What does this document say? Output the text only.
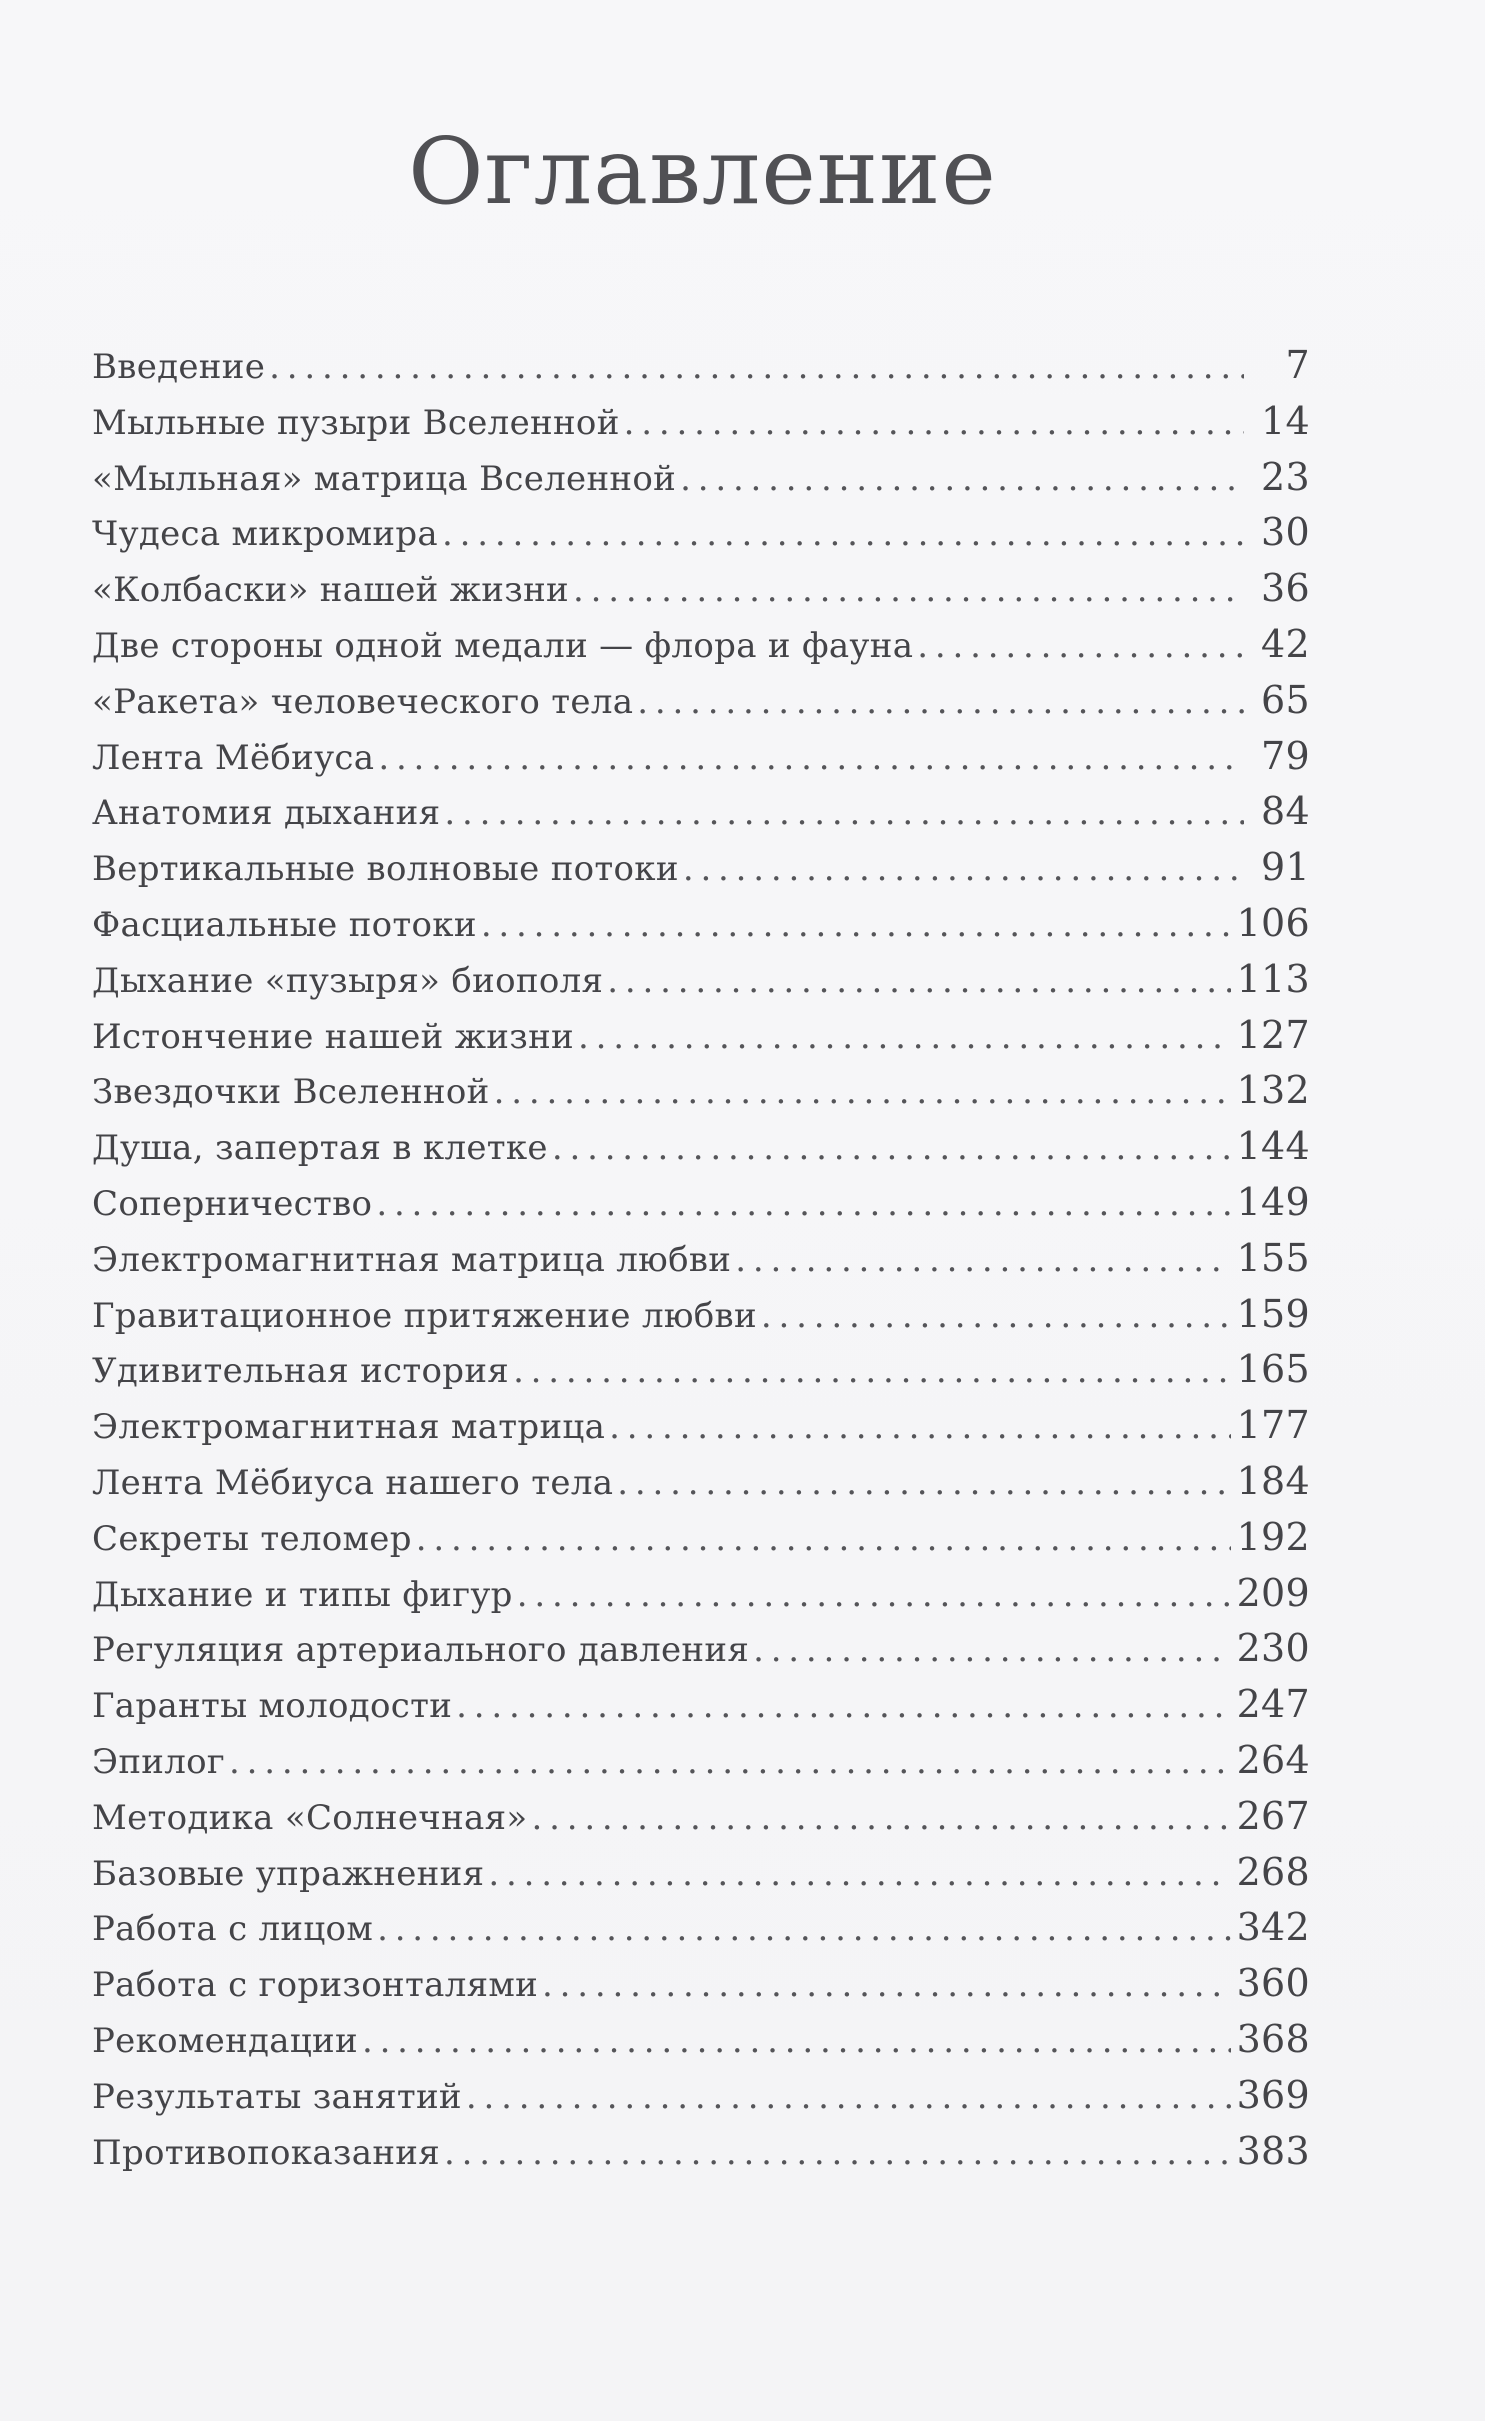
Оглавление
Введение . . .	7
Мыльные пузыри Вселенной . . .	14
«Мыльная» матрица Вселенной . . .	23
Чудеса микромира . . .	30
«Колбаски» нашей жизни . . .	36
Две стороны одной медали — флора и фауна . . .	42
«Ракета» человеческого тела . . .	65
Лента Мёбиуса . . .	79
Анатомия дыхания . . .	84
Вертикальные волновые потоки . . .	91
Фасциальные потоки . . .	106
Дыхание «пузыря» биополя . . .	113
Истончение нашей жизни . . .	127
Звездочки Вселенной . . .	132
Душа, запертая в клетке . . .	144
Соперничество . . .	149
Электромагнитная матрица любви . . .	155
Гравитационное притяжение любви . . .	159
Удивительная история . . .	165
Электромагнитная матрица . . .	177
Лента Мёбиуса нашего тела . . .	184
Секреты теломер . . .	192
Дыхание и типы фигур . . .	209
Регуляция артериального давления . . .	230
Гаранты молодости . . .	247
Эпилог . . .	264
Методика «Солнечная» . . .	267
Базовые упражнения . . .	268
Работа с лицом . . .	342
Работа с горизонталями . . .	360
Рекомендации . . .	368
Результаты занятий . . .	369
Противопоказания . . .	383
